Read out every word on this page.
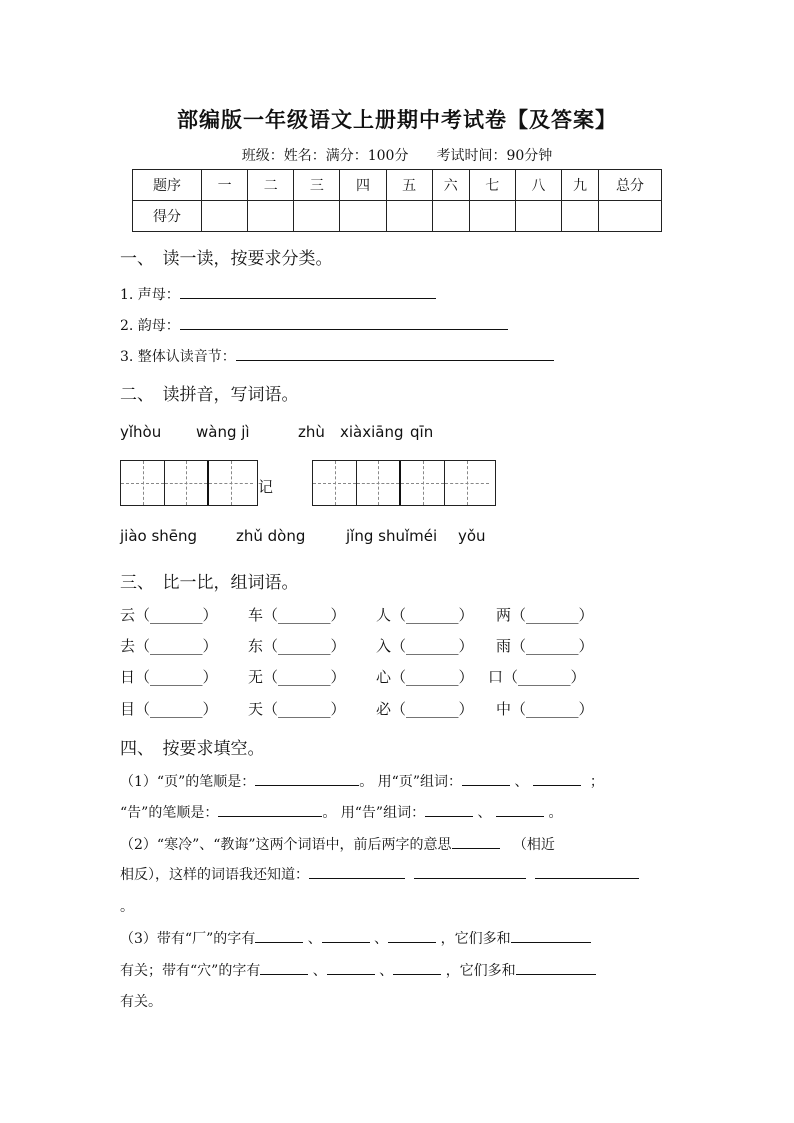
部编版一年级语文上册期中考试卷【及答案】
班级：姓名：满分：100分　　考试时间：90分钟
题序	一	二	三	四	五	六	七	八	九	总分
得分										
一、　读一读，按要求分类。
1. 声母：
2. 韵母：
3. 整体认读音节：
二、　读拼音，写词语。
yǐhòu wàng jì	zhù xiàxiāng qīn
记
jiào shēng	zhǔ dòng	jǐng shuǐméi yǒu
三、　比一比，组词语。
云（_______） 车（_______） 人（_______） 两（_______）
去（_______） 东（_______） 入（_______） 雨（_______）
日（_______） 无（_______） 心（_______） 口（_______）
目（_______） 天（_______） 必（_______） 中（_______）
四、　按要求填空。
（1）“页”的笔顺是：	。 用“页”组词：	、	；
“告”的笔顺是：	。 用“告”组词：	、	。
（2）“寒冷”、“教诲”这两个词语中，前后两字的意思	（相近
相反），这样的词语我还知道：
。
（3）带有“厂”的字有	、	、	，它们多和
有关；带有“穴”的字有	、	、	，它们多和
有关。
